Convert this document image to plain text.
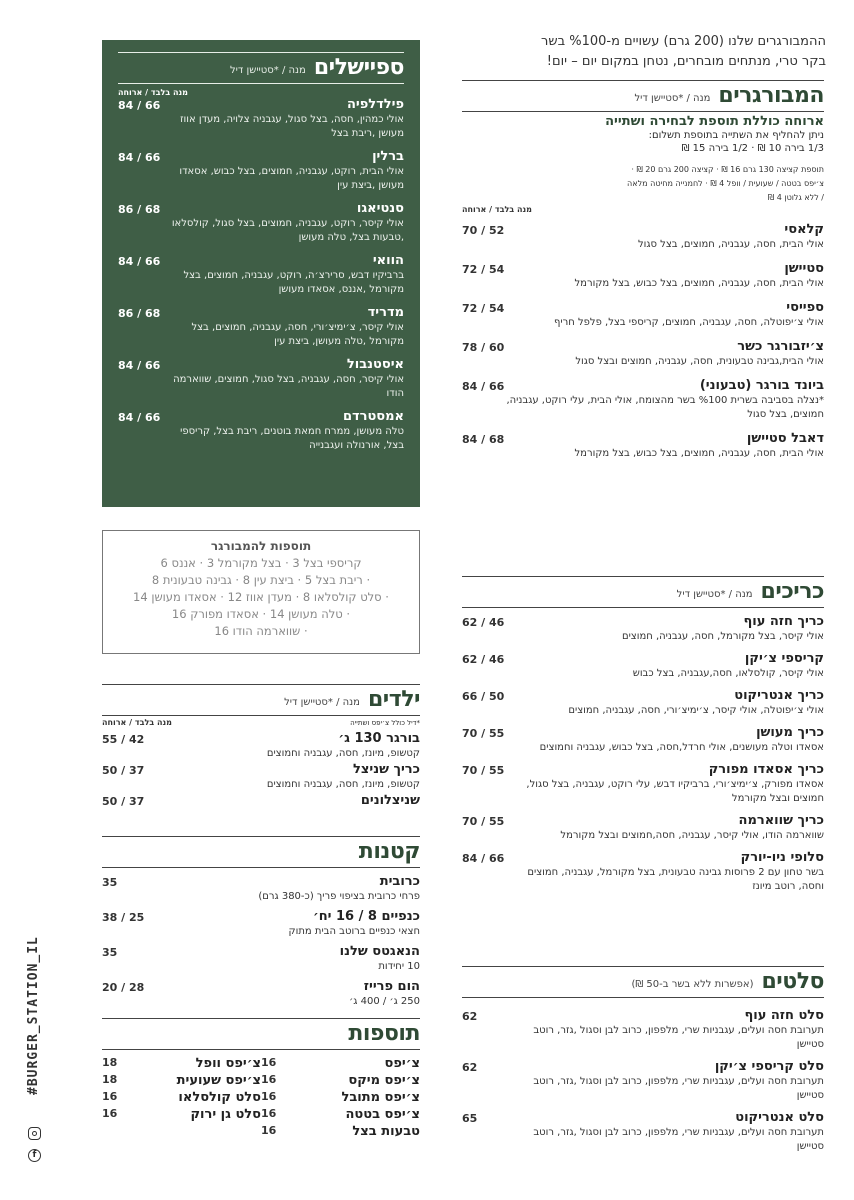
ההמבורגרים שלנו (200 גרם) עשויים מ-%100 בשר
בקר טרי, מנתחים מובחרים, נטחן במקום יום – יום!
המבורגרים
מנה / *סטיישן דיל
ארוחה כוללת תוספת לבחירה ושתייה
ניתן להחליף את השתייה בתוספת תשלום:
1/3 בירה 10 ₪ · 1/2 בירה 15 ₪
תוספת קציצה 130 גרם 16 ₪ · קציצה 200 גרם 20 ₪ ·
צ׳יפס בטטה / שעועית / וופל 4 ₪ · לחמנייה מחיטה מלאה
/ ללא גלוטן 4 ₪
מנה בלבד / ארוחה
קלאסי
אולי הבית, חסה, עגבניה, חמוצים, בצל סגול
70 / 52
סטיישן
אולי הבית, חסה, עגבניה, חמוצים, בצל כבוש, בצל מקורמל
72 / 54
ספייסי
אולי צ׳יפוטלה, חסה, עגבניה, חמוצים, קריספי בצל, פלפל חריף
72 / 54
צ׳יזבורגר כשר
אולי הבית,גבינה טבעונית, חסה, עגבניה, חמוצים ובצל סגול
78 / 60
ביונד בורגר (טבעוני)
*נצלה בסביבה בשרית %100 בשר מהצומח, אולי הבית, עלי רוקט, עגבניה, חמוצים, בצל סגול
84 / 66
דאבל סטיישן
אולי הבית, חסה, עגבניה, חמוצים, בצל כבוש, בצל מקורמל
84 / 68
כריכים
מנה / *סטיישן דיל
כריך חזה עוף
אולי קיסר, בצל מקורמל, חסה, עגבניה, חמוצים
62 / 46
קריספי צ׳יקן
אולי קיסר, קולסלאו, חסה,עגבניה, בצל כבוש
62 / 46
כריך אנטריקוט
אולי צ׳יפוטלה, אולי קיסר, צ׳ימיצ׳ורי, חסה, עגבניה, חמוצים
66 / 50
כריך מעושן
אסאדו וטלה מעושנים, אולי חרדל,חסה, בצל כבוש, עגבניה וחמוצים
70 / 55
כריך אסאדו מפורק
אסאדו מפורק, צ׳ימיצ׳ורי, ברביקיו דבש, עלי רוקט, עגבניה, בצל סגול, חמוצים ובצל מקורמל
70 / 55
כריך שווארמה
שווארמה הודו, אולי קיסר, עגבניה, חסה,חמוצים ובצל מקורמל
70 / 55
סלופי ניו-יורק
בשר טחון עם 2 פרוסות גבינה טבעונית, בצל מקורמל, עגבניה, חמוצים וחסה, רוטב מיונז
84 / 66
סלטים
(אפשרות ללא בשר ב-50 ₪)
סלט חזה עוף
תערובת חסה ועלים, עגבניות שרי, מלפפון, כרוב לבן וסגול ,גזר, רוטב סטיישן
62
סלט קריספי צ׳יקן
תערובת חסה ועלים, עגבניות שרי, מלפפון, כרוב לבן וסגול ,גזר, רוטב סטיישן
62
סלט אנטריקוט
תערובת חסה ועלים, עגבניות שרי, מלפפון, כרוב לבן וסגול ,גזר, רוטב סטיישן
65
ספיישלים
מנה / *סטיישן דיל
מנה בלבד / ארוחה
פילדלפיה
אולי כמהין, חסה, בצל סגול, עגבניה צלויה, מעדן אווז מעושן ,ריבת בצל
84 / 66
ברלין
אולי הבית, רוקט, עגבניה, חמוצים, בצל כבוש, אסאדו מעושן ,ביצת עין
84 / 66
סנטיאגו
אולי קיסר, רוקט, עגבניה, חמוצים, בצל סגול, קולסלאו ,טבעות בצל, טלה מעושן
86 / 68
הוואי
ברביקיו דבש, סרירצ׳ה, רוקט, עגבניה, חמוצים, בצל מקורמל ,אננס, אסאדו מעושן
84 / 66
מדריד
אולי קיסר, צ׳ימיצ׳ורי, חסה, עגבניה, חמוצים, בצל מקורמל ,טלה מעושן, ביצת עין
86 / 68
איסטנבול
אולי קיסר, חסה, עגבניה, בצל סגול, חמוצים, שווארמה הודו
84 / 66
אמסטרדם
טלה מעושן, ממרח חמאת בוטנים, ריבת בצל, קריספי בצל, אורנולה ועגבנייה
84 / 66
תוספות להמבורגר
קריספי בצל 3 · בצל מקורמל 3 · אננס 6
· ריבת בצל 5 · ביצת עין 8 · גבינה טבעונית 8
· סלט קולסלאו 8 · מעדן אווז 12 · אסאדו מעושן 14
· טלה מעושן 14 · אסאדו מפורק 16
· שווארמה הודו 16
ילדים
מנה / *סטיישן דיל
*דיל כולל צ׳יפס ושתייה
מנה בלבד / ארוחה
בורגר 130 ג׳
קטשופ, מיונז, חסה, עגבניה וחמוצים
55 / 42
כריך שניצל
קטשופ, מיונז, חסה, עגבניה וחמוצים
50 / 37
שניצלונים
50 / 37
קטנות
כרובית
פרחי כרובית בציפוי פריך (כ-380 גרם)
35
כנפיים 8 / 16 יח׳
חצאי כנפיים ברוטב הבית מתוק
38 / 25
הנאגטס שלנו
10 יחידות
35
הום פרייז
250 ג׳ / 400 ג׳
20 / 28
תוספות
צ׳יפס
16
צ׳יפס וופל
18
צ׳יפס מיקס
16
צ׳יפס שעועית
18
צ׳יפס מתובל
16
סלט קולסלאו
16
צ׳יפס בטטה
16
סלט גן ירוק
16
טבעות בצל
16
#BURGER_STATION_IL
f
